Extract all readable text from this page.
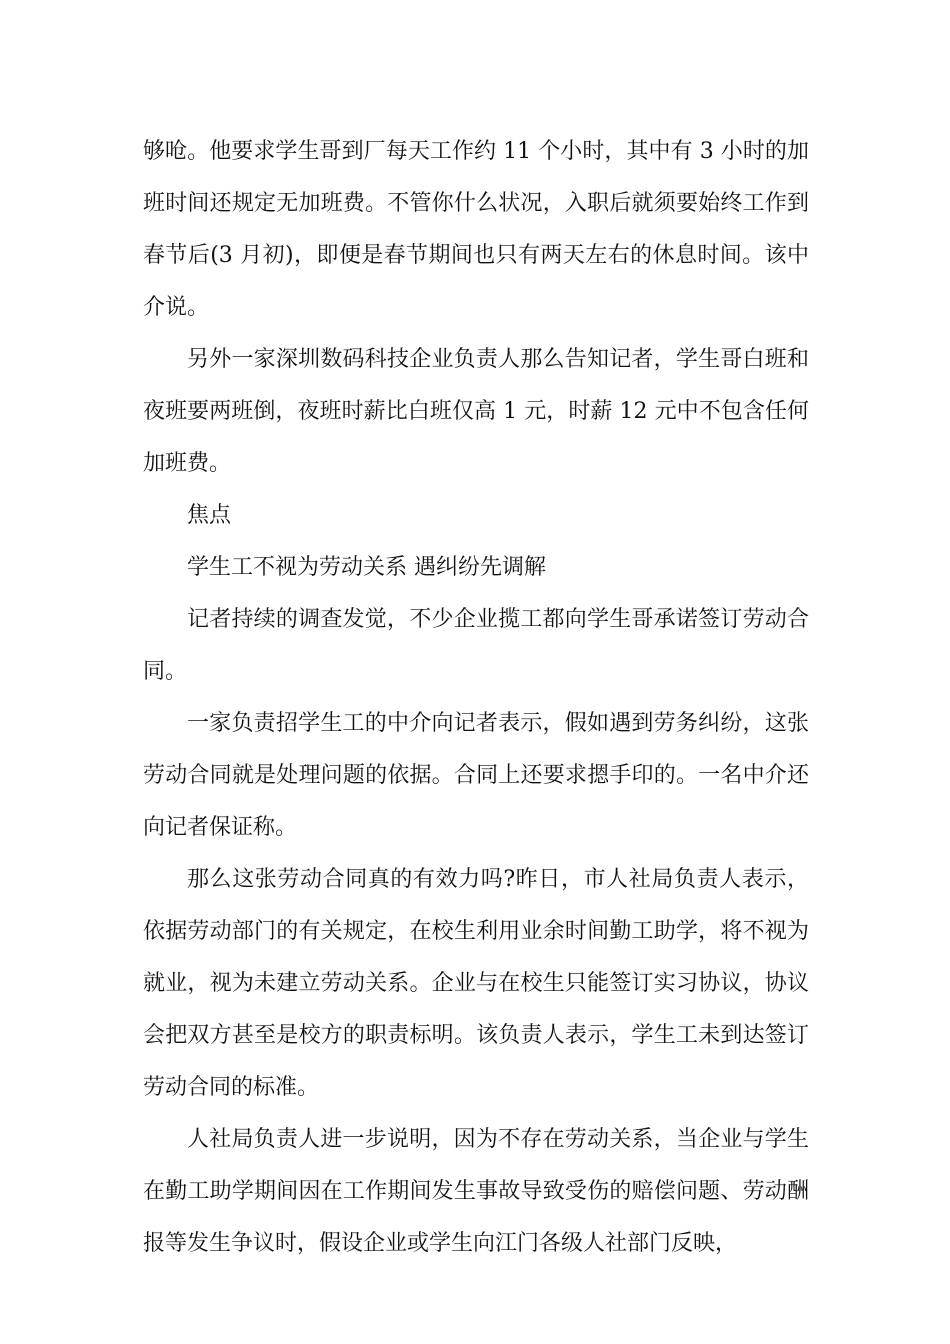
够呛。他要求学生哥到厂每天工作约 11 个小时，其中有 3 小时的加班时间还规定无加班费。不管你什么状况，入职后就须要始终工作到春节后(3 月初)，即便是春节期间也只有两天左右的休息时间。该中介说。

另外一家深圳数码科技企业负责人那么告知记者，学生哥白班和夜班要两班倒，夜班时薪比白班仅高 1 元，时薪 12 元中不包含任何加班费。

焦点

学生工不视为劳动关系 遇纠纷先调解

记者持续的调查发觉，不少企业揽工都向学生哥承诺签订劳动合同。

一家负责招学生工的中介向记者表示，假如遇到劳务纠纷，这张劳动合同就是处理问题的依据。合同上还要求摁手印的。一名中介还向记者保证称。

那么这张劳动合同真的有效力吗?昨日，市人社局负责人表示，依据劳动部门的有关规定，在校生利用业余时间勤工助学，将不视为就业，视为未建立劳动关系。企业与在校生只能签订实习协议，协议会把双方甚至是校方的职责标明。该负责人表示，学生工未到达签订劳动合同的标准。

人社局负责人进一步说明，因为不存在劳动关系，当企业与学生在勤工助学期间因在工作期间发生事故导致受伤的赔偿问题、劳动酬报等发生争议时，假设企业或学生向江门各级人社部门反映，
